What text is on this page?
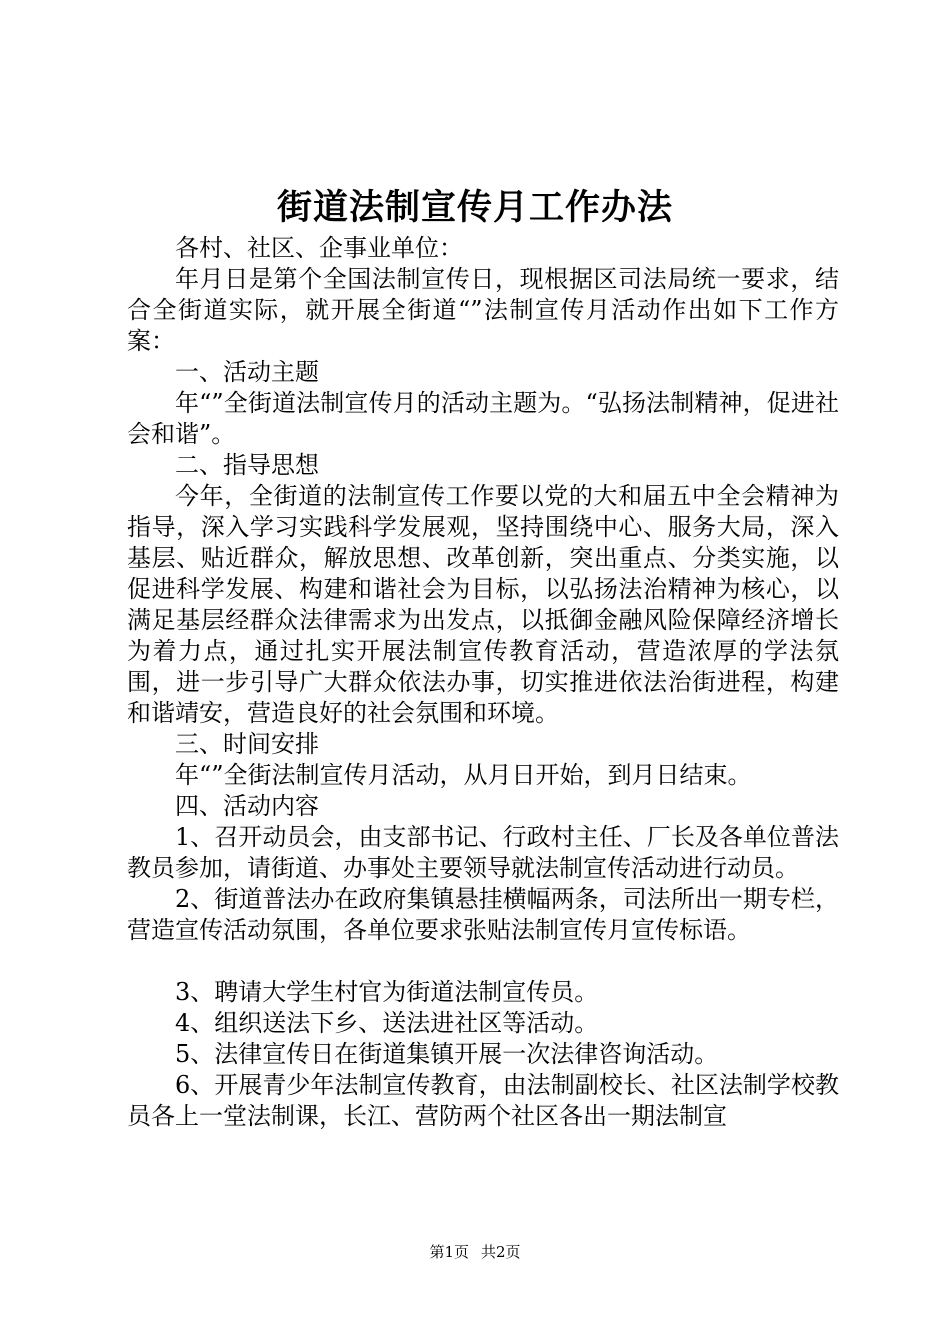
街道法制宣传月工作办法

各村、社区、企事业单位：

年月日是第个全国法制宣传日，现根据区司法局统一要求，结合全街道实际，就开展全街道“”法制宣传月活动作出如下工作方案：

一、活动主题

年“”全街道法制宣传月的活动主题为。“弘扬法制精神，促进社会和谐”。

二、指导思想

今年，全街道的法制宣传工作要以党的大和届五中全会精神为指导，深入学习实践科学发展观，坚持围绕中心、服务大局，深入基层、贴近群众，解放思想、改革创新，突出重点、分类实施，以促进科学发展、构建和谐社会为目标，以弘扬法治精神为核心，以满足基层经群众法律需求为出发点，以抵御金融风险保障经济增长为着力点，通过扎实开展法制宣传教育活动，营造浓厚的学法氛围，进一步引导广大群众依法办事，切实推进依法治街进程，构建和谐靖安，营造良好的社会氛围和环境。

三、时间安排

年“”全街法制宣传月活动，从月日开始，到月日结束。

四、活动内容

1、召开动员会，由支部书记、行政村主任、厂长及各单位普法教员参加，请街道、办事处主要领导就法制宣传活动进行动员。

2、街道普法办在政府集镇悬挂横幅两条，司法所出一期专栏，营造宣传活动氛围，各单位要求张贴法制宣传月宣传标语。

3、聘请大学生村官为街道法制宣传员。

4、组织送法下乡、送法进社区等活动。

5、法律宣传日在街道集镇开展一次法律咨询活动。

6、开展青少年法制宣传教育，由法制副校长、社区法制学校教员各上一堂法制课，长江、营防两个社区各出一期法制宣

第1页 共2页
